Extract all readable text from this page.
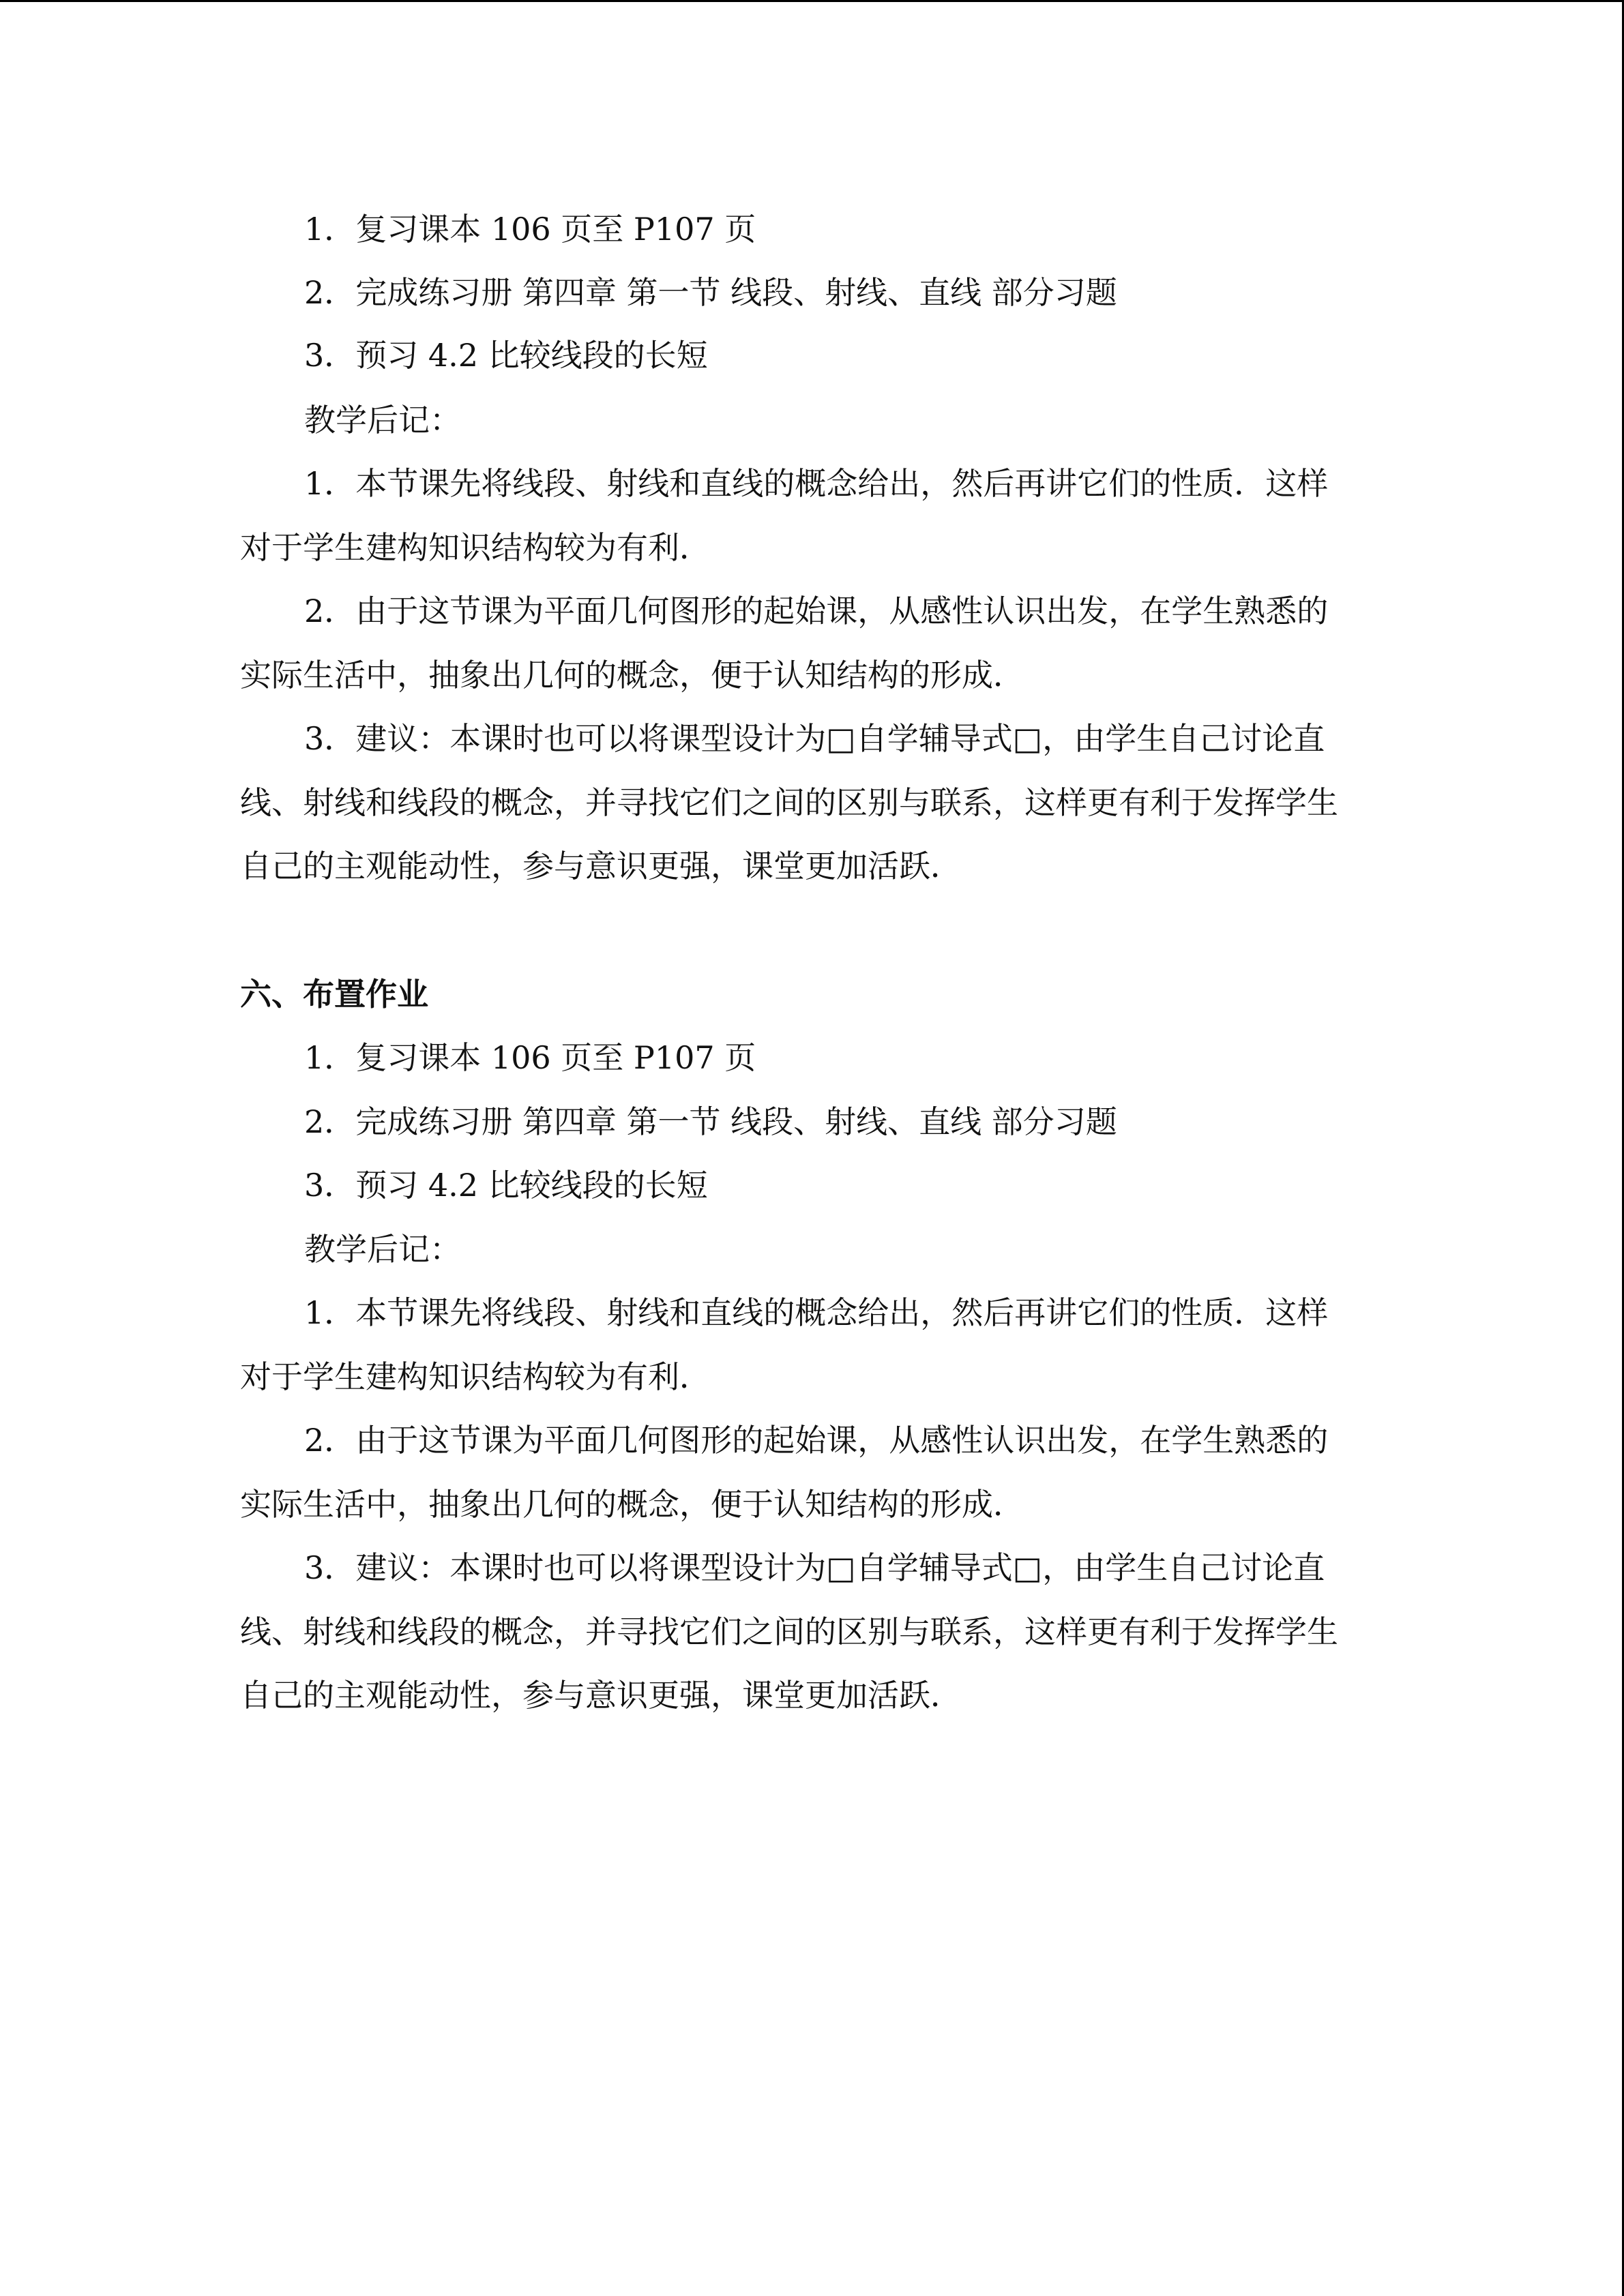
1．复习课本 106 页至 P107 页
2．完成练习册 第四章 第一节 线段、射线、直线 部分习题
3．预习 4.2 比较线段的长短
教学后记：
1．本节课先将线段、射线和直线的概念给出，然后再讲它们的性质．这样
对于学生建构知识结构较为有利．
2．由于这节课为平面几何图形的起始课，从感性认识出发，在学生熟悉的
实际生活中，抽象出几何的概念，便于认知结构的形成．
3．建议：本课时也可以将课型设计为□自学辅导式□，由学生自己讨论直
线、射线和线段的概念，并寻找它们之间的区别与联系，这样更有利于发挥学生
自己的主观能动性，参与意识更强，课堂更加活跃．
六、布置作业
1．复习课本 106 页至 P107 页
2．完成练习册 第四章 第一节 线段、射线、直线 部分习题
3．预习 4.2 比较线段的长短
教学后记：
1．本节课先将线段、射线和直线的概念给出，然后再讲它们的性质．这样
对于学生建构知识结构较为有利．
2．由于这节课为平面几何图形的起始课，从感性认识出发，在学生熟悉的
实际生活中，抽象出几何的概念，便于认知结构的形成．
3．建议：本课时也可以将课型设计为□自学辅导式□，由学生自己讨论直
线、射线和线段的概念，并寻找它们之间的区别与联系，这样更有利于发挥学生
自己的主观能动性，参与意识更强，课堂更加活跃．
